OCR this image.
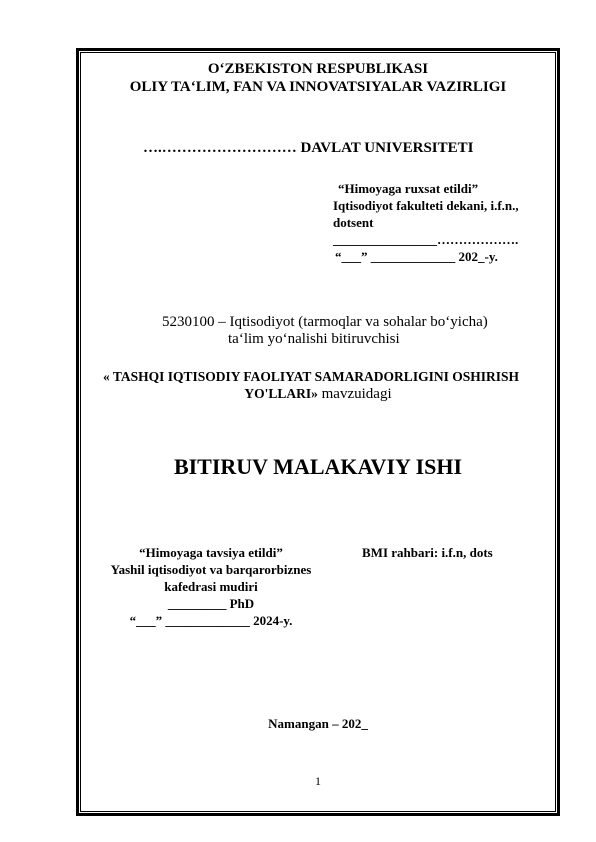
O‘ZBEKISTON RESPUBLIKASI
OLIY TA‘LIM, FAN VA INNOVATSIYALAR VAZIRLIGI
….……………………… DAVLAT UNIVERSITETI
“Himoyaga ruxsat etildi”
Iqtisodiyot fakulteti dekani, i.f.n.,
dotsent
________________……………….
“___” _____________ 202_-y.
5230100 – Iqtisodiyot (tarmoqlar va sohalar bo‘yicha)
ta‘lim yo‘nalishi bitiruvchisi
« TASHQI IQTISODIY FAOLIYAT SAMARADORLIGINI OSHIRISH
YO'LLARI» mavzuidagi
BITIRUV MALAKAVIY ISHI
“Himoyaga tavsiya etildi”
Yashil iqtisodiyot va barqarorbiznes
kafedrasi mudiri
_________ PhD
“___” _____________ 2024-y.
BMI rahbari: i.f.n, dots
Namangan – 202_
1
